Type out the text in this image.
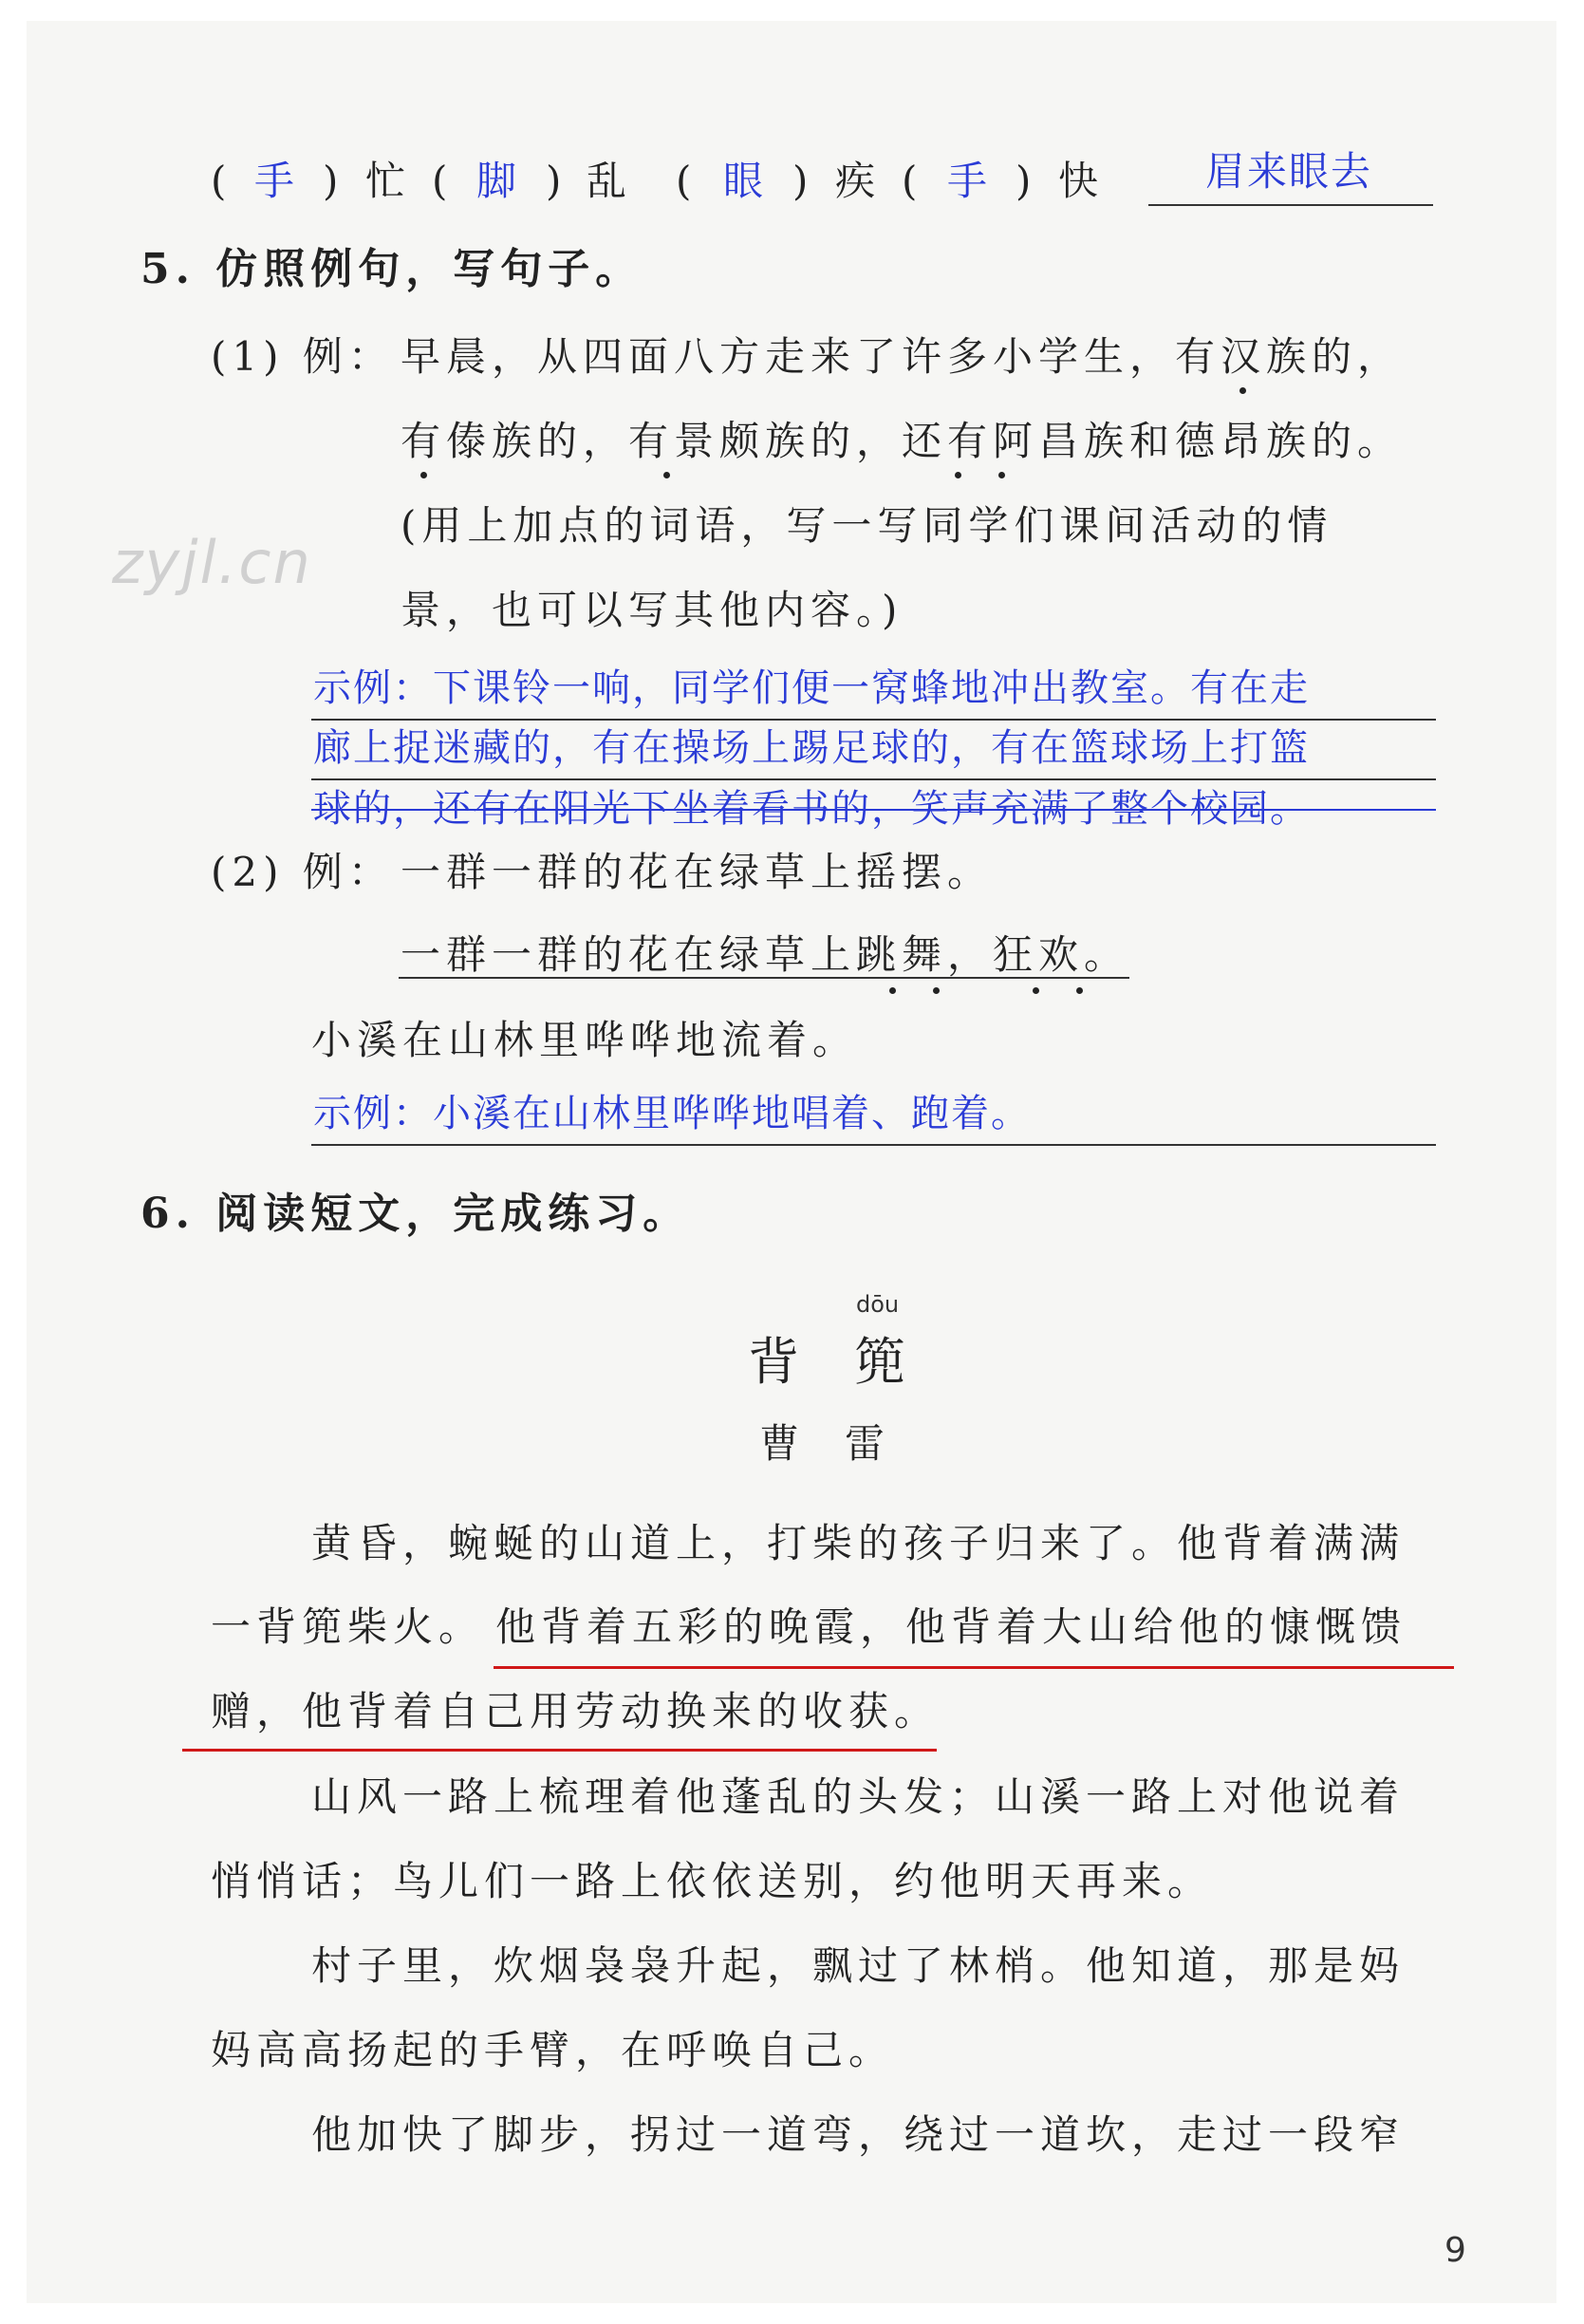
( 手 ) 忙 ( 脚 ) 乱 ( 眼 ) 疾 ( 手 ) 快	眉来眼去
5. 仿照例句，写句子。
(1) 例： 早晨，从四面八方走来了许多小学生，有汉族的，
有傣族的，有景颇族的，还有阿昌族和德昂族的。
(用上加点的词语，写一写同学们课间活动的情
景，也可以写其他内容。)
zyjl.cn
示例：下课铃一响，同学们便一窝蜂地冲出教室。有在走
廊上捉迷藏的，有在操场上踢足球的，有在篮球场上打篮
球的，还有在阳光下坐着看书的，笑声充满了整个校园。
(2) 例： 一群一群的花在绿草上摇摆。
一群一群的花在绿草上跳舞，狂欢。
小溪在山林里哗哗地流着。
示例：小溪在山林里哗哗地唱着、跑着。
6. 阅读短文，完成练习。
dōu
背篼
曹雷
黄昏，蜿蜒的山道上，打柴的孩子归来了。他背着满满
一背篼柴火。 他背着五彩的晚霞，他背着大山给他的慷慨馈
赠，他背着自己用劳动换来的收获。
山风一路上梳理着他蓬乱的头发；山溪一路上对他说着
悄悄话；鸟儿们一路上依依送别，约他明天再来。
村子里，炊烟袅袅升起，飘过了林梢。他知道，那是妈
妈高高扬起的手臂，在呼唤自己。
他加快了脚步，拐过一道弯，绕过一道坎，走过一段窄
9
